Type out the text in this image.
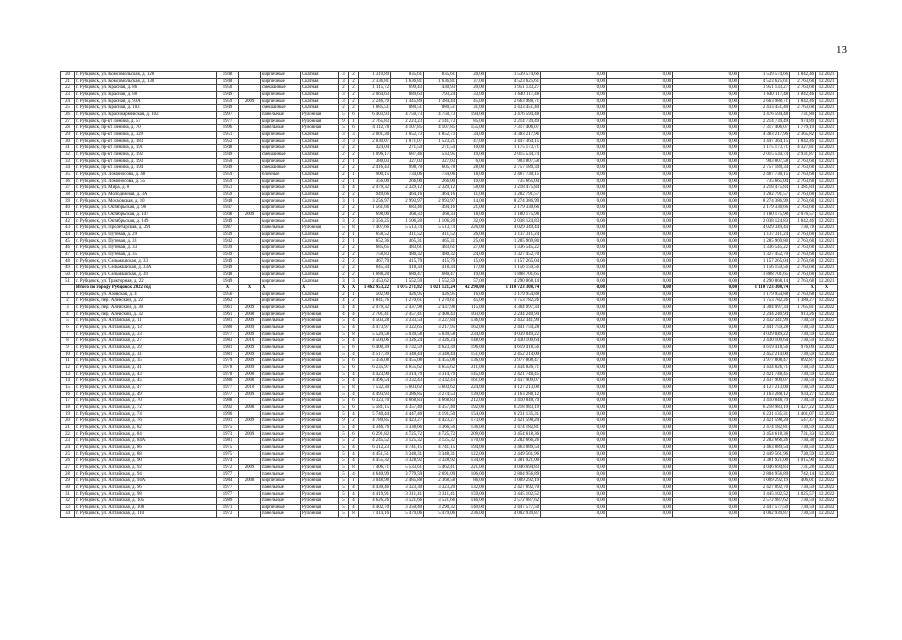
13
20	г. Рубцовск, ул. Комсомольская, д. 128	1948		кирпичные	Скатная	3	2	1 319,89	835,61	835,61	20,00	1 539 574,66	0,00	0,00	0,00	1 539 574,66	1 842,46	12.2021
21	г. Рубцовск, ул. Комсомольская, д. 130	1948		кирпичные	Скатная	3	2	2 336,81	1 636,81	1 636,81	37,00	4 523 625,61	0,00	0,00	0,00	4 523 625,61	2 763,68	12.2021
22	г. Рубцовск, ул. Красная, д. 86	1950		смешанные	Скатная	2	2	1 115,72	699,43	430,93	20,00	1 951 133,27	0,00	0,00	0,00	1 951 133,27	2 763,68	12.2021
23	г. Рубцовск, ул. Красная, д. 88	1949		кирпичные	Скатная	3	2	2 064,63	889,63	793,24	33,00	1 640 117,48	0,00	0,00	0,00	1 640 117,48	1 842,46	12.2021
24	г. Рубцовск, ул. Красная, д. 93А	1959	2009	кирпичные	Скатная	3	2	2 246,79	1 445,89	1 384,44	45,00	2 663 988,71	0,00	0,00	0,00	2 663 988,71	1 842,46	12.2021
25	г. Рубцовск, ул. Красная, д. 103	1949		смешанные	Скатная	2	2	1 885,51	880,51	880,51	31,00	2 433 451,40	0,00	0,00	0,00	2 433 451,40	2 763,68	12.2021
26	г. Рубцовск, ул. Красноармейская, д. 102	1997		панельные	Рулонная	5	6	6 403,93	4 750,73	4 750,73	194,00	3 476 594,48	0,00	0,00	0,00	3 476 594,48	731,80	12.2021
27	г. Рубцовск, пр-кт Ленина, д. 57	1977		кирпичные	Рулонная	9	1	2 765,83	2 223,23	2 141,73	85,00	2 214 739,49	0,00	0,00	0,00	2 214 739,49	974,89	12.2021
28	г. Рубцовск, пр-кт Ленина, д. 70	1996		панельные	Рулонная	5	6	4 112,78	4 107,85	4 107,85	155,00	7 317 406,07	0,00	0,00	0,00	7 317 406,07	1 779,19	12.2021
29	г. Рубцовск, пр-кт Ленина, д. 129	1951		кирпичные	Скатная	3	3	2 001,30	1 852,73	1 852,73	34,00	4 383 217,96	0,00	0,00	0,00	4 383 217,96	2 365,82	12.2021
30	г. Рубцовск, пр-кт Ленина, д. 183	1952		кирпичные	Скатная	3	3	2 830,07	1 871,07	1 523,21	47,00	3 447 364,15	0,00	0,00	0,00	3 447 364,15	1 842,46	12.2021
31	г. Рубцовск, пр-кт Ленина, д. 191	1948		кирпичные	Скатная	2	2	424,04	271,54	271,54	10,00	1 175 173,71	0,00	0,00	0,00	1 175 173,71	4 327,81	12.2021
32	г. Рубцовск, пр-кт Ленина, д. 192	1949		смешанные	Скатная	2	2	1 096,17	687,46	533,95	19,00	2 015 534,74	0,00	0,00	0,00	2 015 534,74	2 931,87	12.2021
33	г. Рубцовск, пр-кт Ленина, д. 193	1950		кирпичные	Скатная	2	1	380,03	327,03	327,03	6,00	903 807,58	0,00	0,00	0,00	903 807,58	2 763,68	12.2021
34	г. Рубцовск, пр-кт Ленина, д. 194	1949		смешанные	Скатная	2	2	2 416,43	998,70	605,78	28,00	2 757 189,34	0,00	0,00	0,00	2 757 189,34	2 763,68	12.2021
35	г. Рубцовск, ул. Ломоносова, д. 48	1959		блочные	Скатная	2	1	900,15	734,06	734,06	18,00	2 487 730,15	0,00	0,00	0,00	2 487 730,15	2 763,68	12.2021
36	г. Рубцовск, ул. Ломоносова, д. 55	1959		кирпичные	Скатная	2	1	356,00	266,00	266,00	10,00	735 665,04	0,00	0,00	0,00	735 665,04	2 763,68	12.2021
37	г. Рубцовск, ул. Мира, д. 8	1951		кирпичные	Скатная	4	4	2 479,32	2 329,12	2 329,12	58,00	3 218 475,84	0,00	0,00	0,00	3 218 475,84	1 381,84	12.2021
38	г. Рубцовск, ул. Молодежная, д. 3А	1959		кирпичные	Скатная	2	2	949,66	464,16	464,16	11,00	1 282 791,57	0,00	0,00	0,00	1 282 791,57	2 763,68	12.2021
39	г. Рубцовск, ул. Московская, д. 10	1948		кирпичные	Скатная	3	1	3 256,97	2 993,97	2 993,97	14,00	8 274 386,99	0,00	0,00	0,00	8 274 386,99	2 763,68	12.2021
40	г. Рубцовск, ул. Октябрьская, д. 98	1947		кирпичные	Скатная	2	2	1 561,66	683,46	494,16	21,00	2 179 330,66	0,00	0,00	0,00	2 179 330,66	2 763,68	12.2021
41	г. Рубцовск, ул. Октябрьская, д. 147	1948	2009	кирпичные	Скатная	2	2	698,00	368,33	368,33	18,00	1 180 175,98	0,00	0,00	0,00	1 180 175,98	2 076,57	12.2021
42	г. Рубцовск, ул. Октябрьская, д. 149	1949		кирпичные	Скатная	3	2	2 356,25	1 106,20	1 106,20	32,00	2 038 124,83	0,00	0,00	0,00	2 038 124,83	1 842,46	12.2021
43	г. Рубцовск, ул. Пролетарская, д. 391	1987		панельные	Рулонная	5	8	7 407,66	5 513,74	5 513,74	226,00	4 029 349,44	0,00	0,00	0,00	4 029 349,44	730,78	12.2021
44	г. Рубцовск, ул. Путевая, д. 29	1939		кирпичные	Скатная	2	1	658,52	411,52	411,52	26,00	1 137 311,24	0,00	0,00	0,00	1 137 311,24	2 763,68	12.2021
45	г. Рубцовск, ул. Путевая, д. 31	1942		кирпичные	Скатная	2	1	652,36	465,31	465,31	25,00	1 285 969,80	0,00	0,00	0,00	1 285 969,80	2 763,68	12.2021
46	г. Рубцовск, ул. Путевая, д. 33	1939		кирпичные	Скатная	2	2	685,65	483,61	483,61	27,00	1 336 545,22	0,00	0,00	0,00	1 336 545,22	2 763,68	12.2021
47	г. Рубцовск, ул. Путевая, д. 35	1939		кирпичные	Скатная	2	2	758,83	480,32	480,32	24,00	1 327 452,70	0,00	0,00	0,00	1 327 452,70	2 763,68	12.2021
48	г. Рубцовск, ул. Сельмашская, д. 33	1949		кирпичные	Скатная	2	2	467,79	415,79	415,79	15,00	1 157 265,04	0,00	0,00	0,00	1 157 265,04	2 763,68	12.2021
49	г. Рубцовск, ул. Сельмашская, д. 33А	1949		кирпичные	Скатная	2	2	845,34	418,34	418,34	17,00	1 156 159,56	0,00	0,00	0,00	1 156 159,56	2 763,68	12.2021
50	г. Рубцовск, ул. Сельмашская, д. 39	1948		кирпичные	Скатная	2	2	1 088,20	680,47	680,47	19,00	1 888 701,65	0,00	0,00	0,00	1 888 701,65	2 763,68	12.2021
51	г. Рубцовск, ул. Тракторная, д. 22	1949		кирпичные	Скатная	3	3	2 453,62	1 552,59	1 552,59	57,00	4 290 868,14	0,00	0,00	0,00	4 290 868,14	2 763,68	12.2021
	Итого по городу Рубцовск 2022 год	X	X	X	X	X	X	1 462 953,22	1 075 271,82	1 021 121,24	42 290,00	1 110 723 308,74	0,00	0,00	0,00	1 110 723 308,74	X	X
1	г. Рубцовск, ул. Азовская, д. 4	1956		кирпичные	Скатная	2	1	502,90	426,95	426,95	16,00	1 179 954,88	0,00	0,00	0,00	1 179 954,88	2 763,68	12.2022
2	г. Рубцовск, пер. Алейский, д. 22	1962		кирпичные	Скатная	4	2	1 841,76	1 270,61	1 270,61	45,00	1 753 782,26	0,00	0,00	0,00	1 753 782,26	1 380,27	12.2022
3	г. Рубцовск, пер. Алейский, д. 30	1961	2009	кирпичные	Скатная	4	4	2 479,32	2 437,98	2 437,98	115,00	4 304 997,34	0,00	0,00	0,00	4 304 997,34	1 765,81	12.2022
4	г. Рубцовск, пер. Алейский, д. 32	1961	2008	кирпичные	Рулонная	4	4	2 701,41	2 457,41	2 408,43	103,00	2 244 240,94	0,00	0,00	0,00	2 244 240,94	913,26	12.2022
5	г. Рубцовск, ул. Алтайская, д. 11	1981	2009	панельные	Рулонная	5	4	4 503,28	3 333,54	3 227,84	136,00	2 432 341,99	0,00	0,00	0,00	2 432 341,99	730,59	12.2022
6	г. Рубцовск, ул. Алтайская, д. 13	1980	2009	панельные	Рулонная	5	4	4 473,97	3 322,65	3 217,95	162,00	2 441 759,28	0,00	0,00	0,00	2 441 759,28	730,59	12.2022
7	г. Рубцовск, ул. Алтайская, д. 23	1977	2009	панельные	Рулонная	5	8	5 520,58	5 039,58	5 039,58	234,00	4 039 849,22	0,00	0,00	0,00	4 039 849,22	730,59	12.2022
8	г. Рубцовск, ул. Алтайская, д. 27	1983	2010	панельные	Рулонная	5	4	4 504,06	3 326,24	3 326,24	148,00	2 430 109,64	0,00	0,00	0,00	2 430 109,64	730,59	12.2022
9	г. Рубцовск, ул. Алтайская, д. 29	1981	2009	панельные	Рулонная	5	6	6 400,39	4 732,59	4 623,39	196,00	4 619 418,56	0,00	0,00	0,00	4 619 418,56	976,09	12.2022
10	г. Рубцовск, ул. Алтайская, д. 31	1981	2009	панельные	Рулонная	5	4	4 517,39	3 348,44	3 348,44	151,00	2 452 214,00	0,00	0,00	0,00	2 452 214,00	730,59	12.2022
11	г. Рубцовск, ул. Алтайская, д. 35	1979	2009	панельные	Рулонная	5	6	5 356,08	4 455,08	4 455,08	136,00	3 977 808,47	0,00	0,00	0,00	3 977 808,47	892,87	12.2022
12	г. Рубцовск, ул. Алтайская, д. 41	1978	2009	панельные	Рулонная	5	6	6 235,97	4 655,62	4 655,62	211,00	3 434 826,71	0,00	0,00	0,00	3 434 826,71	730,59	12.2022
13	г. Рубцовск, ул. Алтайская, д. 43	1978	2008	панельные	Рулонная	5	4	4 423,90	3 314,79	3 314,79	145,00	2 421 748,45	0,00	0,00	0,00	2 421 748,45	730,59	12.2022
14	г. Рубцовск, ул. Алтайская, д. 45	1980	2008	панельные	Рулонная	5	4	4 496,54	3 332,43	3 332,43	161,00	2 437 909,07	0,00	0,00	0,00	2 437 909,07	730,59	12.2022
15	г. Рубцовск, ул. Алтайская, д. 47	1977	2010	панельные	Рулонная	5	8	7 532,30	5 603,62	5 603,62	224,00	4 127 213,00	0,00	0,00	0,00	4 127 213,00	730,59	12.2022
16	г. Рубцовск, ул. Алтайская, д. 49	1977	2009	панельные	Рулонная	5	4	4 493,93	3 386,85	3 274,53	139,00	3 163 288,12	0,00	0,00	0,00	3 163 288,12	934,27	12.2022
17	г. Рубцовск, ул. Алтайская, д. 70	1988		панельные	Рулонная	5	6	6 323,70	4 668,83	4 668,83	212,00	3 410 848,79	0,00	0,00	0,00	3 410 848,79	730,59	12.2022
18	г. Рубцовск, ул. Алтайская, д. 72	1992	2008	панельные	Рулонная	5	6	5 581,15	4 357,40	4 357,40	192,00	6 218 983,19	0,00	0,00	0,00	6 218 983,19	1 427,22	12.2022
19	г. Рубцовск, ул. Алтайская, д. 74	1990		панельные	Рулонная	5	4	5 740,44	4 447,40	4 191,50	154,00	6 231 135,31	0,00	0,00	0,00	6 231 135,31	1 401,07	12.2022
20	г. Рубцовск, ул. Алтайская, д. 76	1991	2009	панельные	Рулонная	9	2	4 789,85	4 423,27	4 423,27	173,00	2 421 598,20	0,00	0,00	0,00	2 421 598,20	547,47	12.2022
21	г. Рубцовск, ул. Алтайская, д. 82	1975		панельные	Рулонная	5	4	4 346,76	3 338,66	3 366,56	136,00	2 474 182,81	0,00	0,00	0,00	2 474 182,81	730,59	12.2022
22	г. Рубцовск, ул. Алтайская, д. 84	1973	2009	панельные	Рулонная	5	6	6 291,82	4 725,72	4 725,72	209,00	3 454 618,36	0,00	0,00	0,00	3 454 618,36	731,33	12.2022
23	г. Рубцовск, ул. Алтайская, д. 84А	1981		панельные	Рулонная	5	2	4 245,52	3 125,32	3 125,32	170,00	2 282 666,26	0,00	0,00	0,00	2 282 666,26	730,38	12.2022
24	г. Рубцовск, ул. Алтайская, д. 86	1975		панельные	Рулонная	5	4	6 312,23	4 741,15	4 741,15	194,00	3 463 889,54	0,00	0,00	0,00	3 463 889,54	730,59	12.2022
25	г. Рубцовск, ул. Алтайская, д. 88	1975		панельные	Рулонная	5	4	4 451,51	3 348,31	3 348,31	122,00	2 449 561,96	0,00	0,00	0,00	2 449 561,96	730,59	12.2022
26	г. Рубцовск, ул. Алтайская, д. 90	1974		панельные	Рулонная	5	4	4 455,32	3 328,92	3 328,92	134,00	3 381 921,00	0,00	0,00	0,00	3 381 921,00	1 015,90	12.2022
27	г. Рубцовск, ул. Алтайская, д. 92	1972	2009	панельные	Рулонная	5	8	7 406,71	5 533,61	5 462,41	221,00	4 046 694,83	0,00	0,00	0,00	4 046 694,83	731,28	12.2022
28	г. Рубцовск, ул. Алтайская, д. 94	1977		панельные	Рулонная	5	4	4 640,99	3 779,59	2 691,09	106,00	2 804 956,89	0,00	0,00	0,00	2 804 956,89	742,14	12.2022
29	г. Рубцовск, ул. Алтайская, д. 94А	1984	2008	кирпичные	Рулонная	5	1	3 048,98	2 485,88	2 368,58	86,00	1 009 292,19	0,00	0,00	0,00	1 009 292,19	406,01	12.2022
30	г. Рубцовск, ул. Алтайская, д. 96	1977		панельные	Рулонная	5	4	4 430,46	3 323,30	3 323,20	132,00	2 427 892,70	0,00	0,00	0,00	2 427 892,70	730,59	12.2022
31	г. Рубцовск, ул. Алтайская, д. 98	1977		панельные	Рулонная	5	4	4 419,91	3 311,41	3 311,41	159,00	3 445 102,52	0,00	0,00	0,00	3 445 102,52	1 025,57	12.2022
32	г. Рубцовск, ул. Алтайская, д. 105	1989		панельные	Рулонная	5	4	4 626,26	3 521,66	3 521,66	146,00	2 572 987,62	0,00	0,00	0,00	2 572 987,62	730,59	12.2022
33	г. Рубцовск, ул. Алтайская, д. 108	1971		кирпичные	Рулонная	5	4	4 402,70	3 350,40	3 290,32	140,00	2 447 577,50	0,00	0,00	0,00	2 447 577,50	730,59	12.2022
34	г. Рубцовск, ул. Алтайская, д. 110	1972		панельные	Рулонная	5	8	7 414,16	5 479,06	5 479,06	236,00	4 002 939,87	0,00	0,00	0,00	4 002 939,87	730,59	12.2022
